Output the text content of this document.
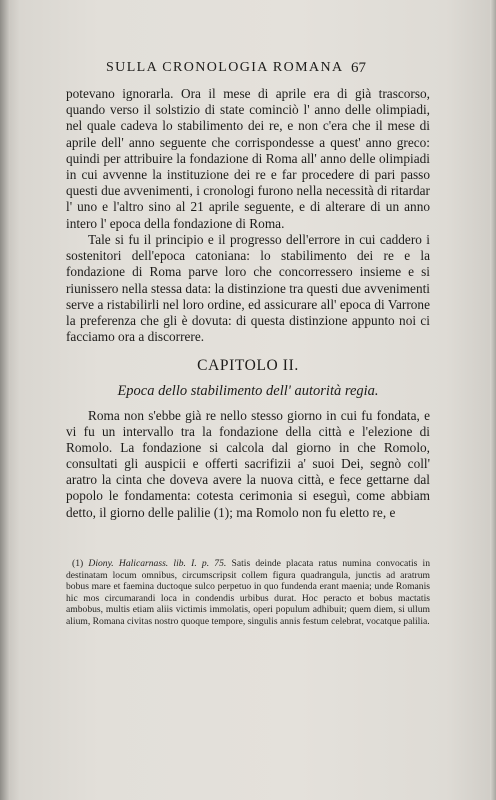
SULLA CRONOLOGIA ROMANA 67

potevano ignorarla. Ora il mese di aprile era di già trascorso, quando verso il solstizio di state cominciò l' anno delle olimpiadi, nel quale cadeva lo stabilimento dei re, e non c'era che il mese di aprile dell' anno seguente che corrispondesse a quest' anno greco: quindi per attribuire la fondazione di Roma all' anno delle olimpiadi in cui avvenne la instituzione dei re e far procedere di pari passo questi due avvenimenti, i cronologi furono nella necessità di ritardar l' uno e l'altro sino al 21 aprile seguente, e di alterare di un anno intero l' epoca della fondazione di Roma.

Tale si fu il principio e il progresso dell'errore in cui caddero i sostenitori dell'epoca catoniana: lo stabilimento dei re e la fondazione di Roma parve loro che concorressero insieme e si riunissero nella stessa data: la distinzione tra questi due avvenimenti serve a ristabilirli nel loro ordine, ed assicurare all' epoca di Varrone la preferenza che gli è dovuta: di questa distinzione appunto noi ci facciamo ora a discorrere.

CAPITOLO II.
Epoca dello stabilimento dell' autorità regia.

Roma non s'ebbe già re nello stesso giorno in cui fu fondata, e vi fu un intervallo tra la fondazione della città e l'elezione di Romolo. La fondazione si calcola dal giorno in che Romolo, consultati gli auspicii e offerti sacrifizii a' suoi Dei, segnò coll' aratro la cinta che doveva avere la nuova città, e fece gettarne dal popolo le fondamenta: cotesta cerimonia si eseguì, come abbiam detto, il giorno delle palilie (1); ma Romolo non fu eletto re, e

(1) Diony. Halicarnass. lib. I. p. 75. Satis deinde placata ratus numina convocatis in destinatam locum omnibus, circumscripsit collem figura quadrangula, junctis ad aratrum bobus mare et faemina ductoque sulco perpetuo in quo fundenda erant maenia; unde Romanis hic mos circumarandi loca in condendis urbibus durat. Hoc peracto et bobus mactatis ambobus, multis etiam aliis victimis immolatis, operi populum adhibuit; quem diem, si ullum alium, Romana civitas nostro quoque tempore, singulis annis festum celebrat, vocatque palilia.
